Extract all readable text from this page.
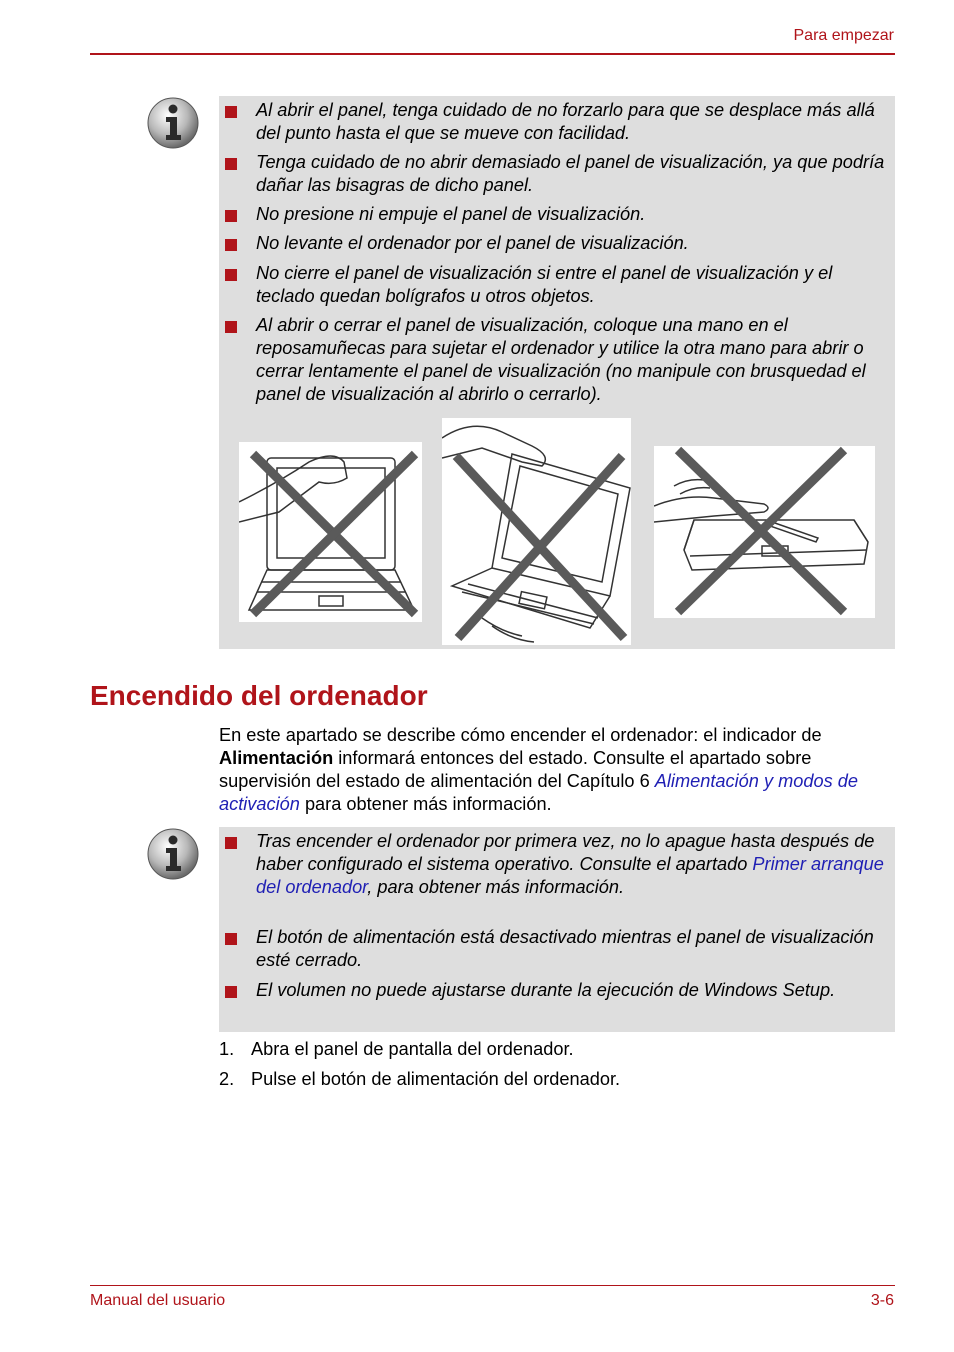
Para empezar
Al abrir el panel, tenga cuidado de no forzarlo para que se desplace más allá del punto hasta el que se mueve con facilidad.
Tenga cuidado de no abrir demasiado el panel de visualización, ya que podría dañar las bisagras de dicho panel.
No presione ni empuje el panel de visualización.
No levante el ordenador por el panel de visualización.
No cierre el panel de visualización si entre el panel de visualización y el teclado quedan bolígrafos u otros objetos.
Al abrir o cerrar el panel de visualización, coloque una mano en el reposamuñecas para sujetar el ordenador y utilice la otra mano para abrir o cerrar lentamente el panel de visualización (no manipule con brusquedad el panel de visualización al abrirlo o cerrarlo).
Encendido del ordenador
En este apartado se describe cómo encender el ordenador: el indicador de Alimentación informará entonces del estado. Consulte el apartado sobre supervisión del estado de alimentación del Capítulo 6 Alimentación y modos de activación para obtener más información.
Tras encender el ordenador por primera vez, no lo apague hasta después de haber configurado el sistema operativo. Consulte el apartado Primer arranque del ordenador, para obtener más información.
El botón de alimentación está desactivado mientras el panel de visualización esté cerrado.
El volumen no puede ajustarse durante la ejecución de Windows Setup.
1. Abra el panel de pantalla del ordenador.
2. Pulse el botón de alimentación del ordenador.
Manual del usuario	3-6
